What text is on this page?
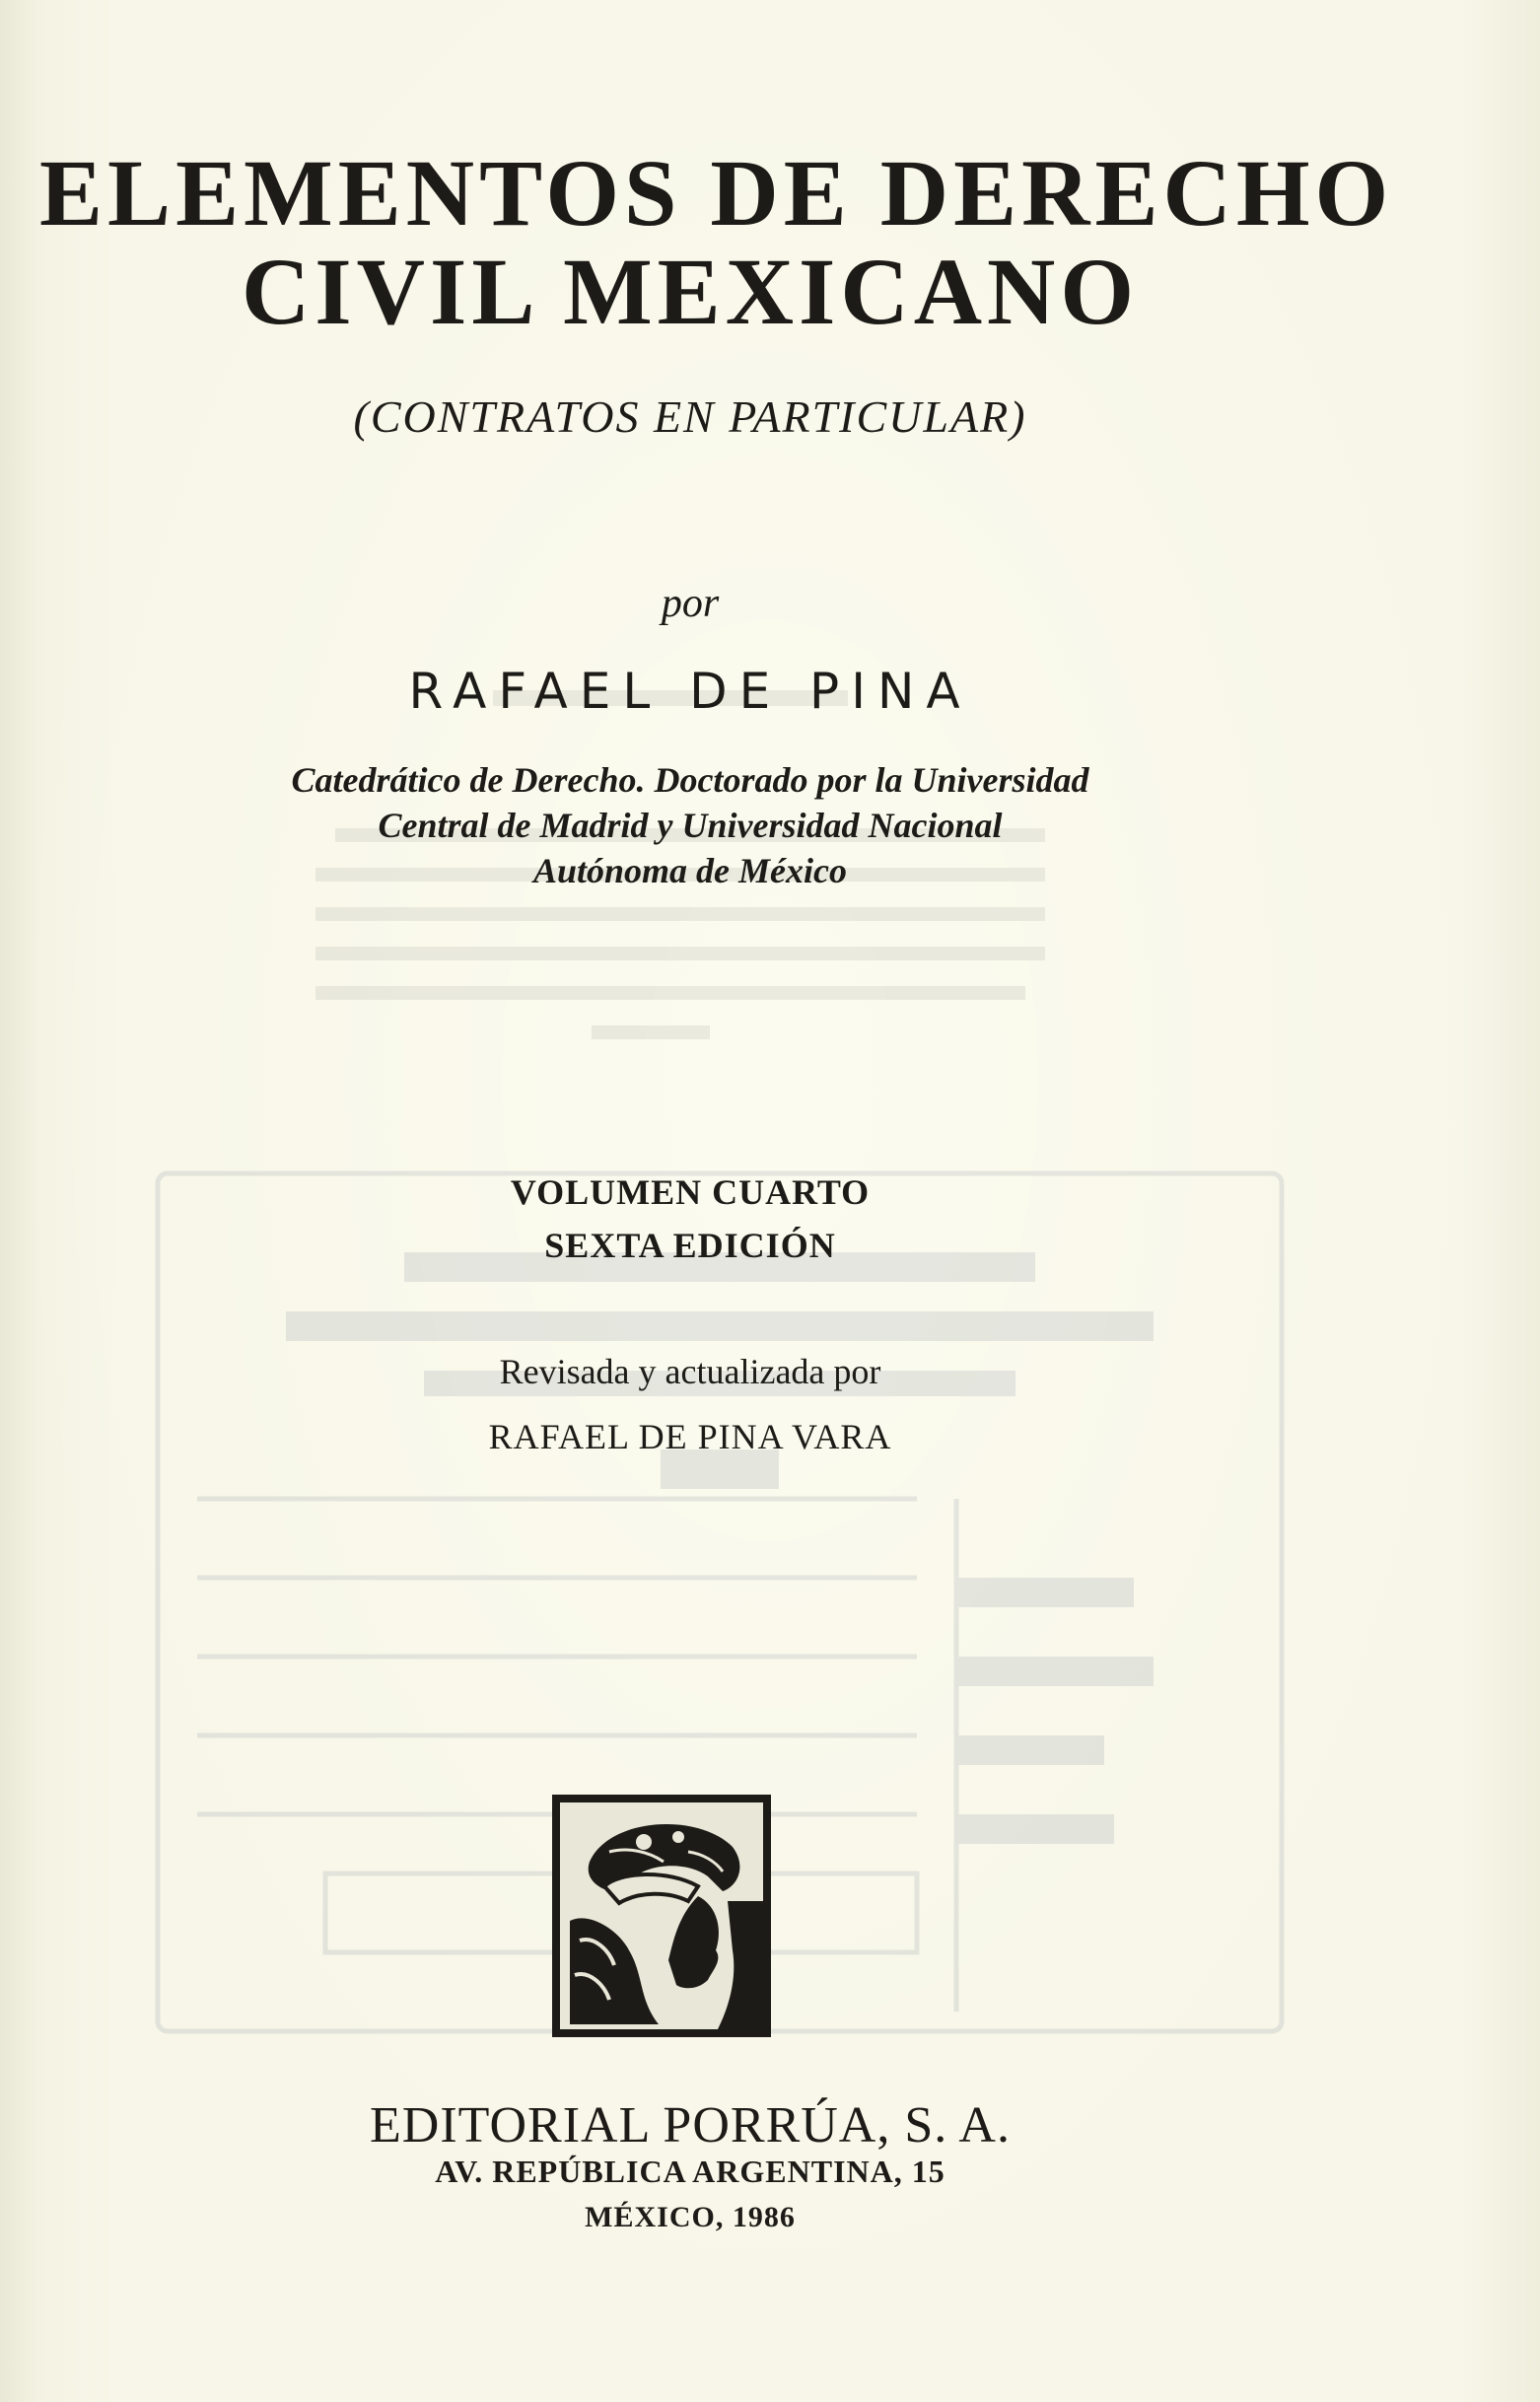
ELEMENTOS DE DERECHO
CIVIL MEXICANO
(CONTRATOS EN PARTICULAR)
por
RAFAEL DE PINA
Catedrático de Derecho. Doctorado por la Universidad
Central de Madrid y Universidad Nacional
Autónoma de México
VOLUMEN CUARTO
SEXTA EDICIÓN
Revisada y actualizada por
RAFAEL DE PINA VARA
EDITORIAL PORRÚA, S. A.
AV. REPÚBLICA ARGENTINA, 15
MÉXICO, 1986
